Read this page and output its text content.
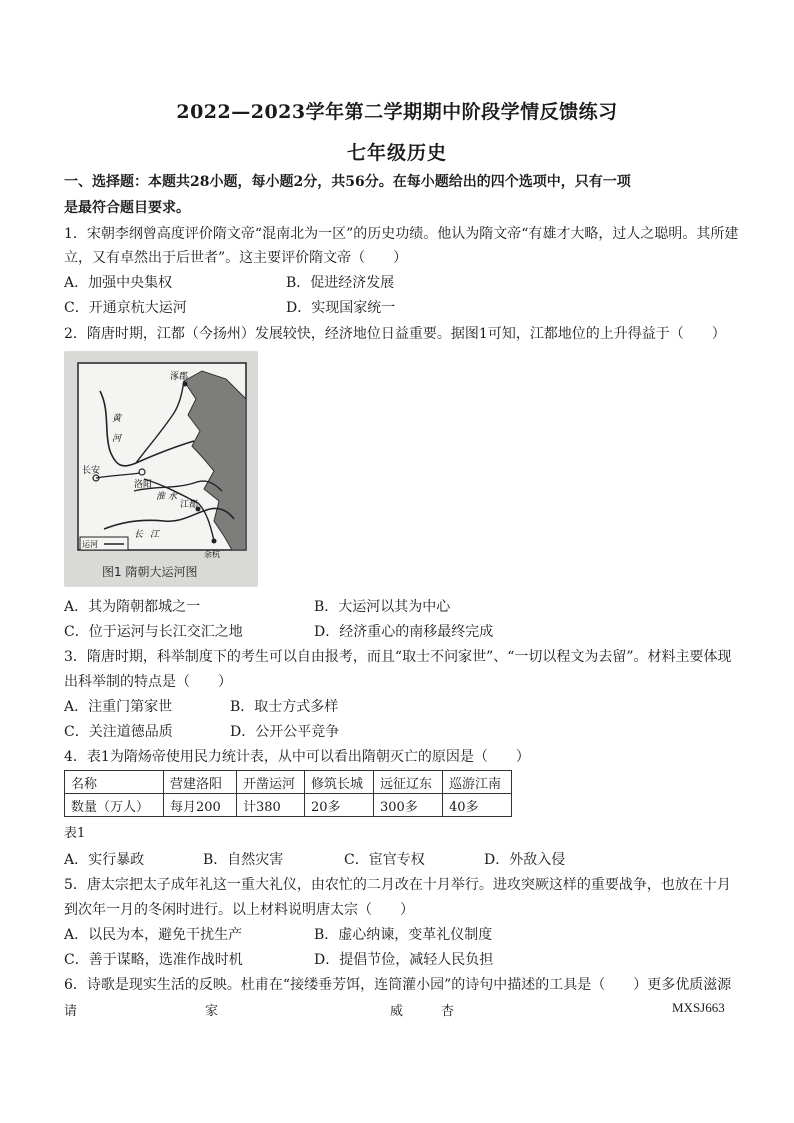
2022—2023学年第二学期期中阶段学情反馈练习
七年级历史
一、选择题：本题共28小题，每小题2分，共56分。在每小题给出的四个选项中，只有一项
是最符合题目要求。
1．宋朝李纲曾高度评价隋文帝“混南北为一区”的历史功绩。他认为隋文帝“有雄才大略，过人之聪明。其所建
立，又有卓然出于后世者”。这主要评价隋文帝（　　）
A．加强中央集权	B．促进经济发展
C．开通京杭大运河	D．实现国家统一
2．隋唐时期，江都（今扬州）发展较快，经济地位日益重要。据图1可知，江都地位的上升得益于（　　）
涿郡
长安
洛阳
江都
余杭
运河
黄
河
淮 水
长 江
图1 隋朝大运河图
A．其为隋朝都城之一	B．大运河以其为中心
C．位于运河与长江交汇之地	D．经济重心的南移最终完成
3．隋唐时期，科举制度下的考生可以自由报考，而且“取士不问家世”、“一切以程文为去留”。材料主要体现
出科举制的特点是（　　）
A．注重门第家世	B．取士方式多样
C．关注道德品质	D．公开公平竞争
4．表1为隋炀帝使用民力统计表，从中可以看出隋朝灭亡的原因是（　　）
名称	营建洛阳	开凿运河	修筑长城	远征辽东	巡游江南
数量（万人）	每月200	计380	20多	300多	40多
表1
A．实行暴政	B．自然灾害	C．宦官专权	D．外敌入侵
5．唐太宗把太子成年礼这一重大礼仪，由农忙的二月改在十月举行。进攻突厥这样的重要战争，也放在十月
到次年一月的冬闲时进行。以上材料说明唐太宗（　　）
A．以民为本，避免干扰生产	B．虚心纳谏，变革礼仪制度
C．善于谋略，选准作战时机	D．提倡节俭，减轻人民负担
6．诗歌是现实生活的反映。杜甫在“接缕垂芳饵，连筒灌小园”的诗句中描述的工具是（　　）更多优质滋源
请	家	威	杏	MXSJ663
